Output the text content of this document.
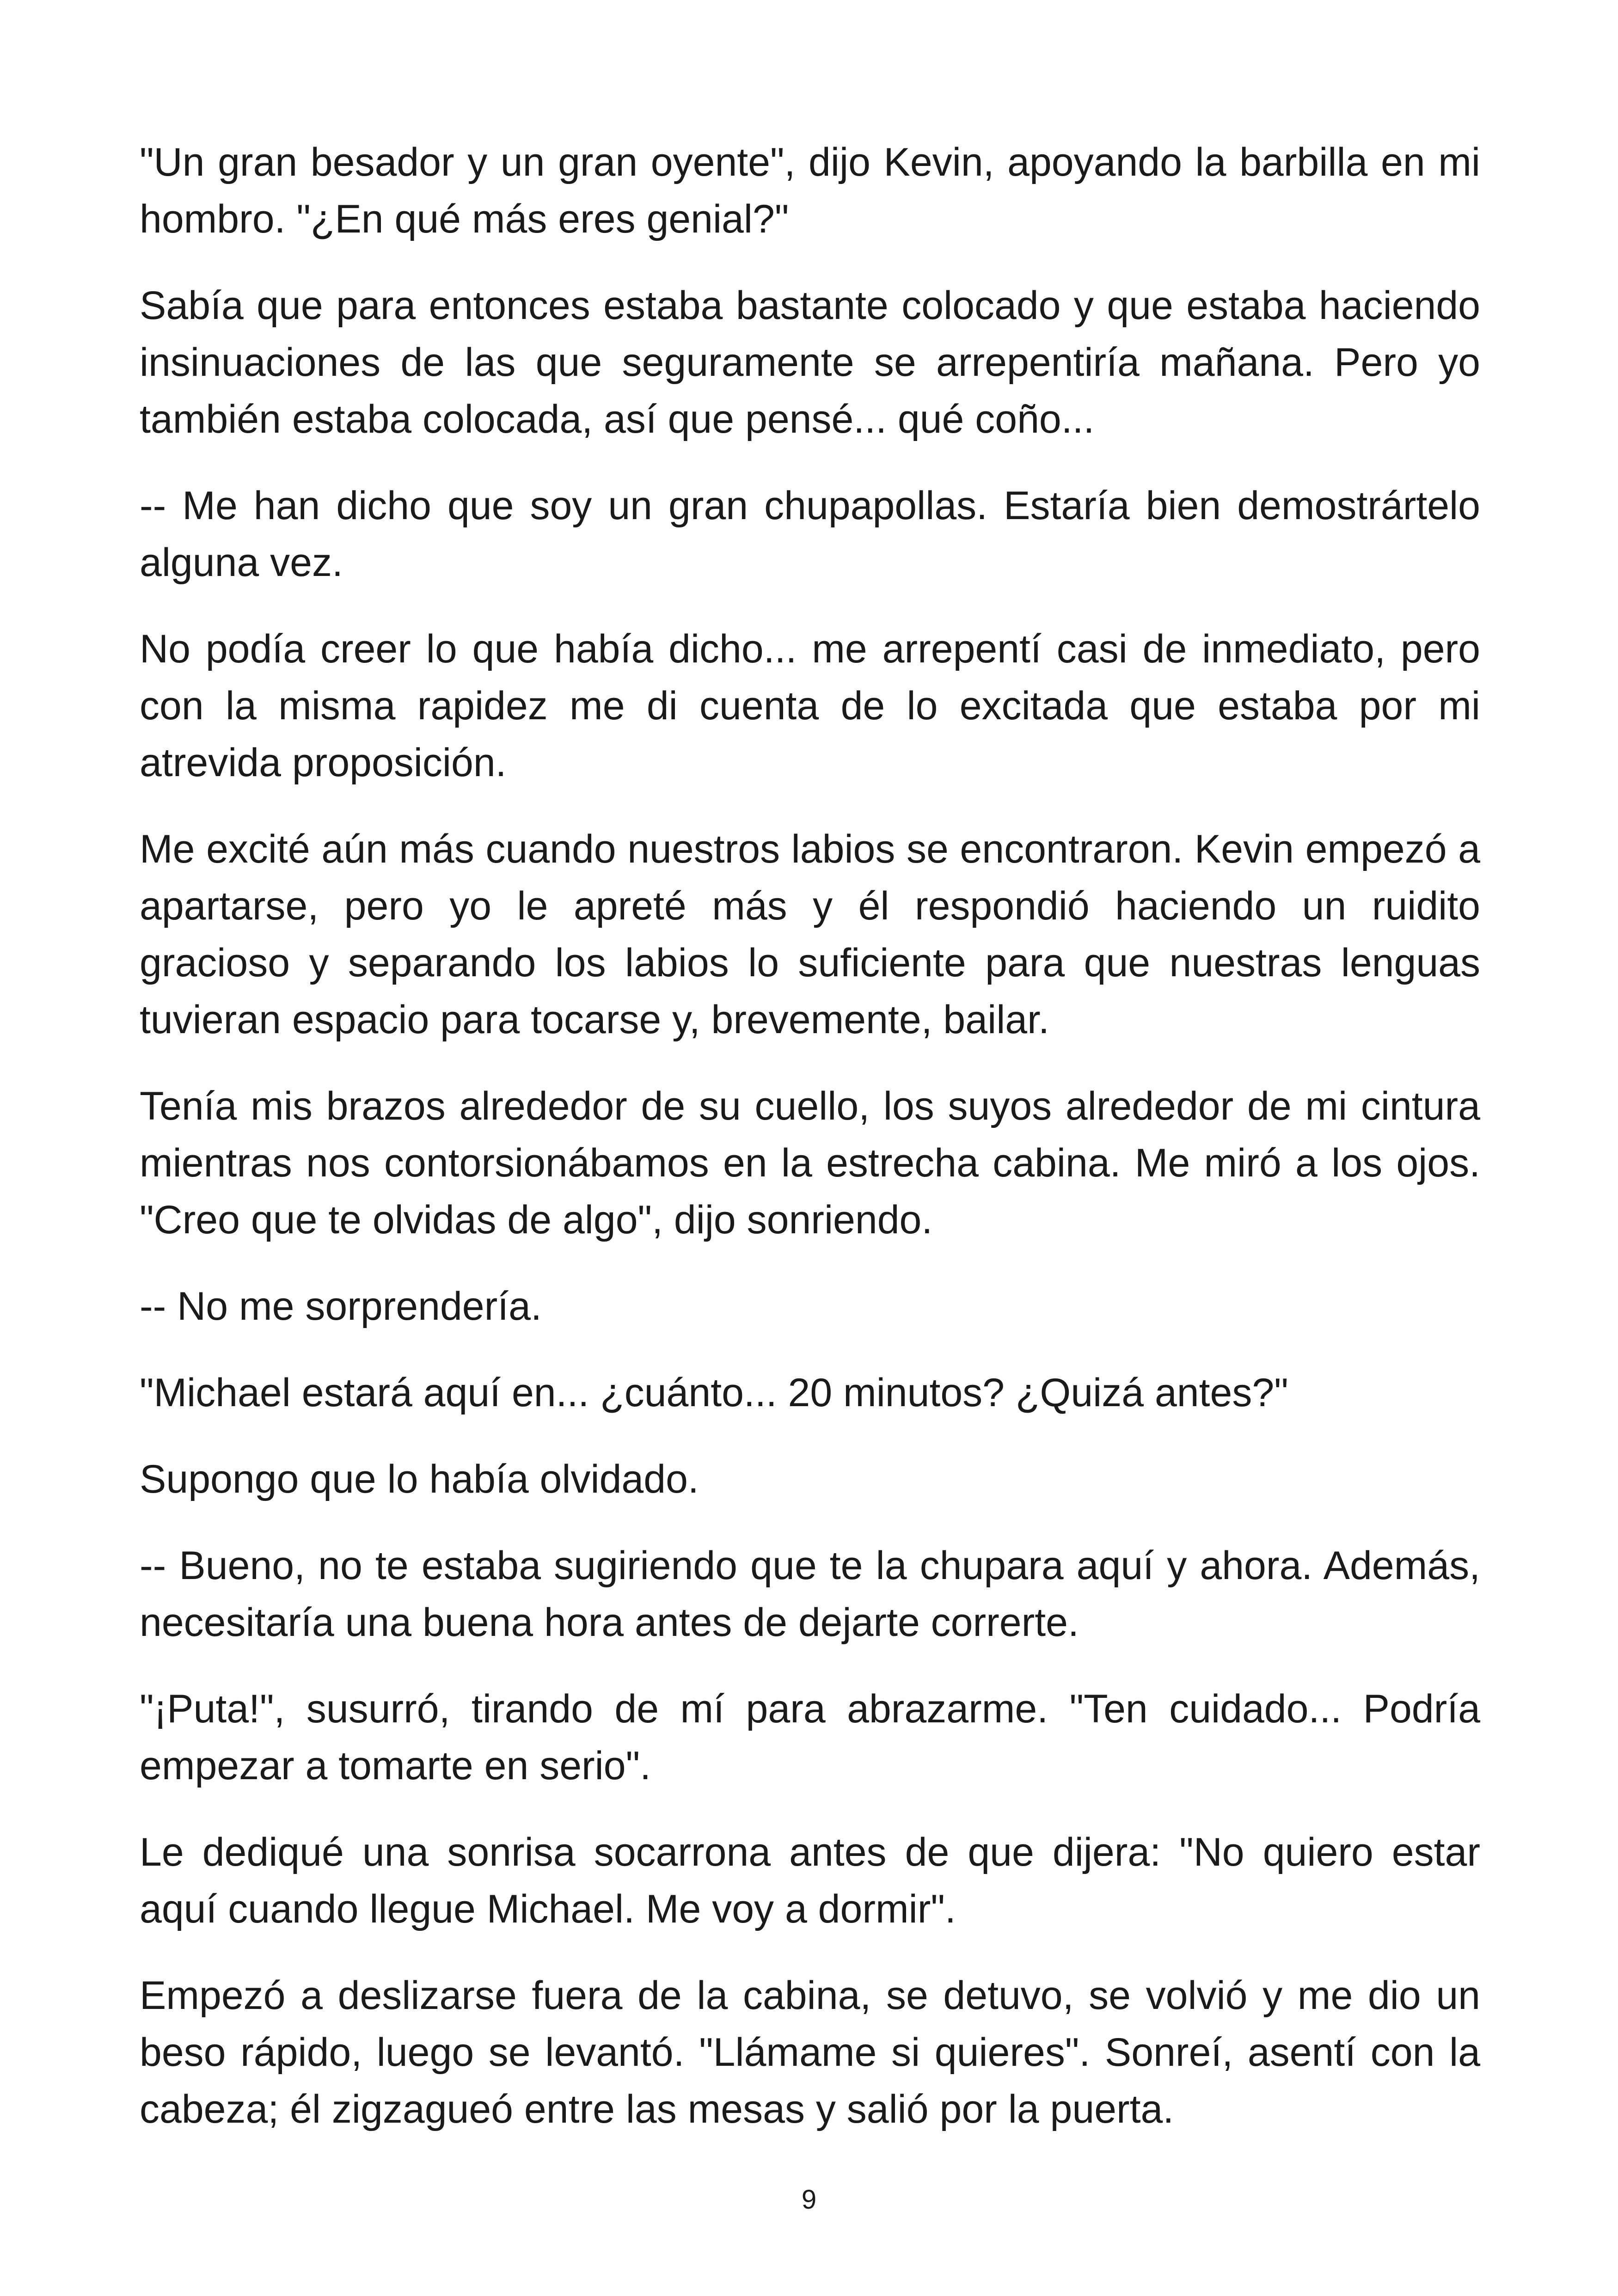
"Un gran besador y un gran oyente", dijo Kevin, apoyando la barbilla en mi hombro. "¿En qué más eres genial?"

Sabía que para entonces estaba bastante colocado y que estaba haciendo insinuaciones de las que seguramente se arrepentiría mañana. Pero yo también estaba colocada, así que pensé... qué coño...

-- Me han dicho que soy un gran chupapollas. Estaría bien demostrártelo alguna vez.

No podía creer lo que había dicho... me arrepentí casi de inmediato, pero con la misma rapidez me di cuenta de lo excitada que estaba por mi atrevida proposición.

Me excité aún más cuando nuestros labios se encontraron. Kevin empezó a apartarse, pero yo le apreté más y él respondió haciendo un ruidito gracioso y separando los labios lo suficiente para que nuestras lenguas tuvieran espacio para tocarse y, brevemente, bailar.

Tenía mis brazos alrededor de su cuello, los suyos alrededor de mi cintura mientras nos contorsionábamos en la estrecha cabina. Me miró a los ojos. "Creo que te olvidas de algo", dijo sonriendo.

-- No me sorprendería.

"Michael estará aquí en... ¿cuánto... 20 minutos? ¿Quizá antes?"

Supongo que lo había olvidado.

-- Bueno, no te estaba sugiriendo que te la chupara aquí y ahora. Además, necesitaría una buena hora antes de dejarte correrte.

"¡Puta!", susurró, tirando de mí para abrazarme. "Ten cuidado... Podría empezar a tomarte en serio".

Le dediqué una sonrisa socarrona antes de que dijera: "No quiero estar aquí cuando llegue Michael. Me voy a dormir".

Empezó a deslizarse fuera de la cabina, se detuvo, se volvió y me dio un beso rápido, luego se levantó. "Llámame si quieres". Sonreí, asentí con la cabeza; él zigzagueó entre las mesas y salió por la puerta.

9
